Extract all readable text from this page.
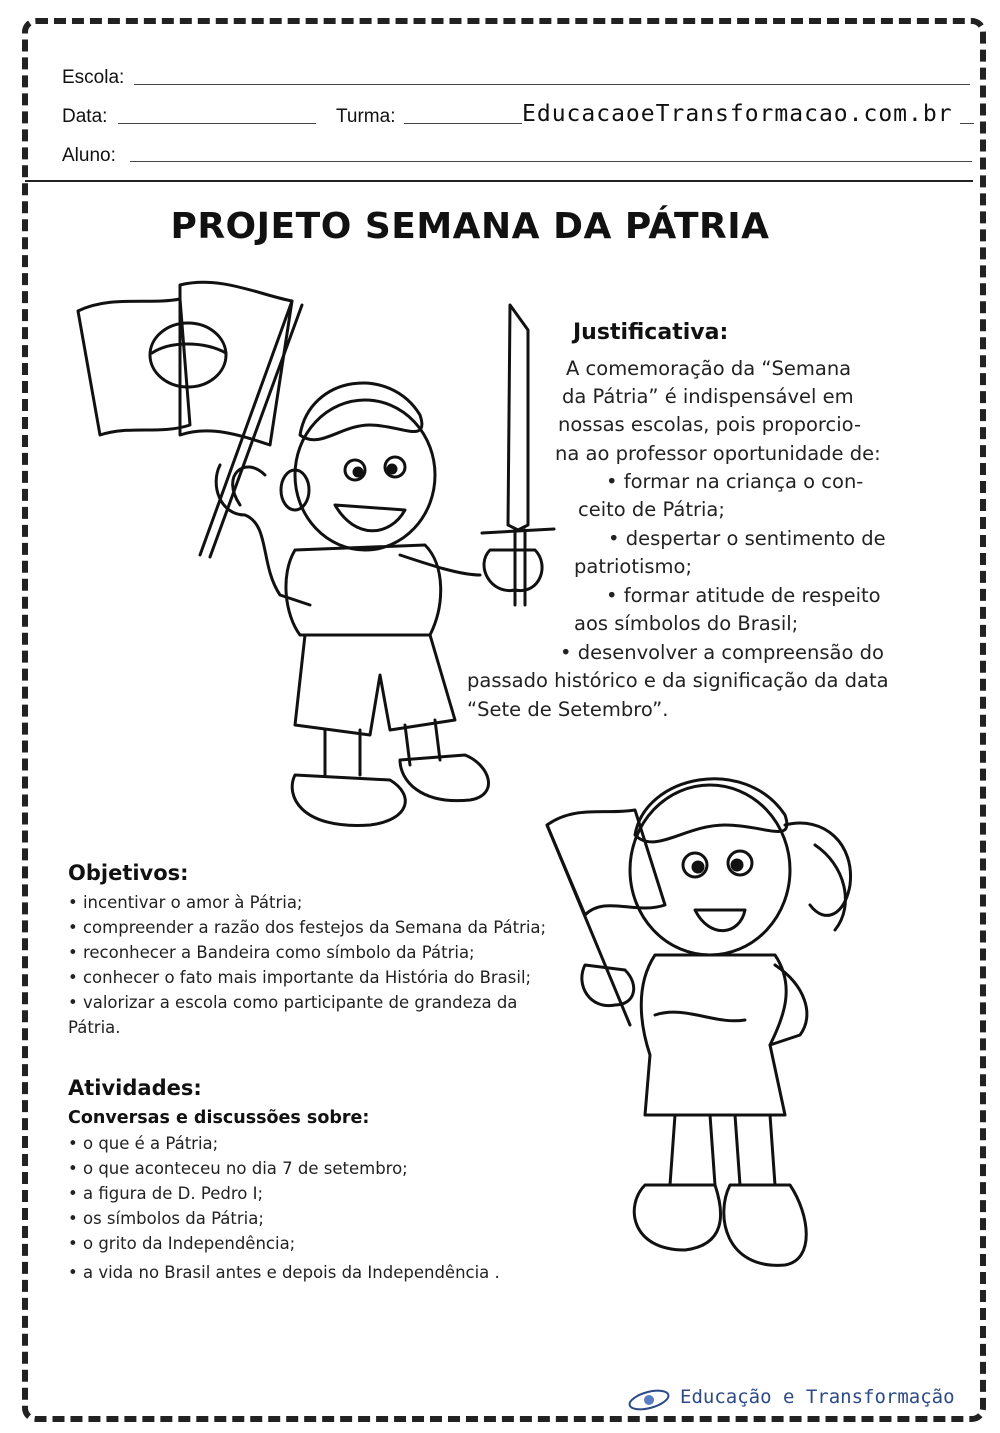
Escola:
Data:	Turma:	EducacaoeTransformacao.com.br
Aluno:
PROJETO SEMANA DA PÁTRIA
Justificativa:
A comemoração da “Semana
da Pátria” é indispensável em
nossas escolas, pois proporcio-
na ao professor oportunidade de:
• formar na criança o con-
ceito de Pátria;
• despertar o sentimento de
patriotismo;
• formar atitude de respeito
aos símbolos do Brasil;
• desenvolver a compreensão do
passado histórico e da significação da data
“Sete de Setembro”.
Objetivos:
• incentivar o amor à Pátria;
• compreender a razão dos festejos da Semana da Pátria;
• reconhecer a Bandeira como símbolo da Pátria;
• conhecer o fato mais importante da História do Brasil;
• valorizar a escola como participante de grandeza da
Pátria.
Atividades:
Conversas e discussões sobre:
• o que é a Pátria;
• o que aconteceu no dia 7 de setembro;
• a figura de D. Pedro I;
• os símbolos da Pátria;
• o grito da Independência;
• a vida no Brasil antes e depois da Independência .
Educação e Transformação
